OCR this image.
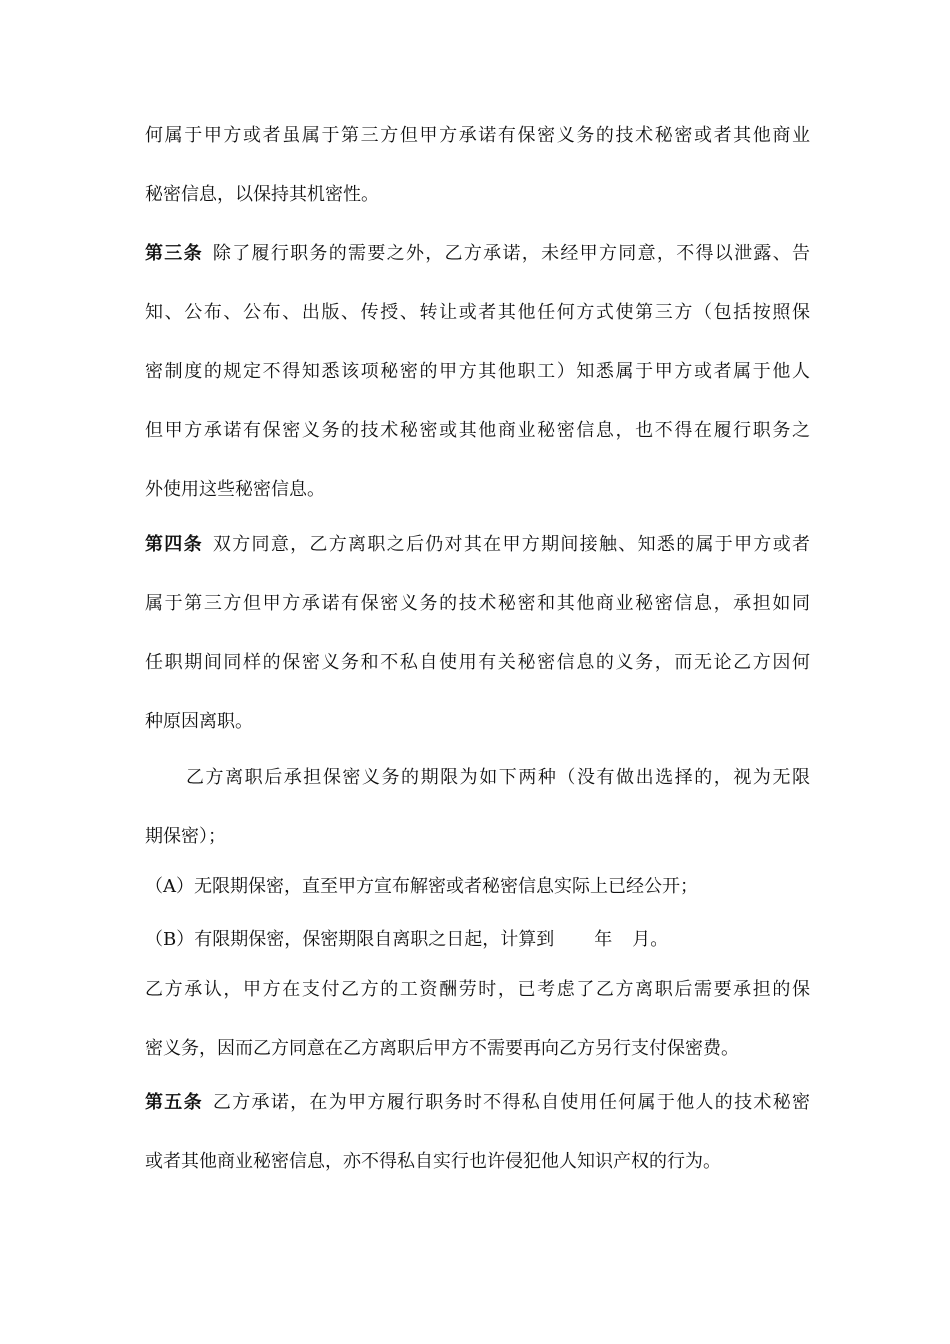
何属于甲方或者虽属于第三方但甲方承诺有保密义务的技术秘密或者其他商业
秘密信息，以保持其机密性。
第三条 除了履行职务的需要之外，乙方承诺，未经甲方同意，不得以泄露、告
知、公布、公布、出版、传授、转让或者其他任何方式使第三方（包括按照保
密制度的规定不得知悉该项秘密的甲方其他职工）知悉属于甲方或者属于他人
但甲方承诺有保密义务的技术秘密或其他商业秘密信息，也不得在履行职务之
外使用这些秘密信息。
第四条 双方同意，乙方离职之后仍对其在甲方期间接触、知悉的属于甲方或者
属于第三方但甲方承诺有保密义务的技术秘密和其他商业秘密信息，承担如同
任职期间同样的保密义务和不私自使用有关秘密信息的义务，而无论乙方因何
种原因离职。
乙方离职后承担保密义务的期限为如下两种（没有做出选择的，视为无限
期保密）；
（A）无限期保密，直至甲方宣布解密或者秘密信息实际上已经公开；
（B）有限期保密，保密期限自离职之日起，计算到 年 月。
乙方承认，甲方在支付乙方的工资酬劳时，已考虑了乙方离职后需要承担的保
密义务，因而乙方同意在乙方离职后甲方不需要再向乙方另行支付保密费。
第五条 乙方承诺，在为甲方履行职务时不得私自使用任何属于他人的技术秘密
或者其他商业秘密信息，亦不得私自实行也许侵犯他人知识产权的行为。
